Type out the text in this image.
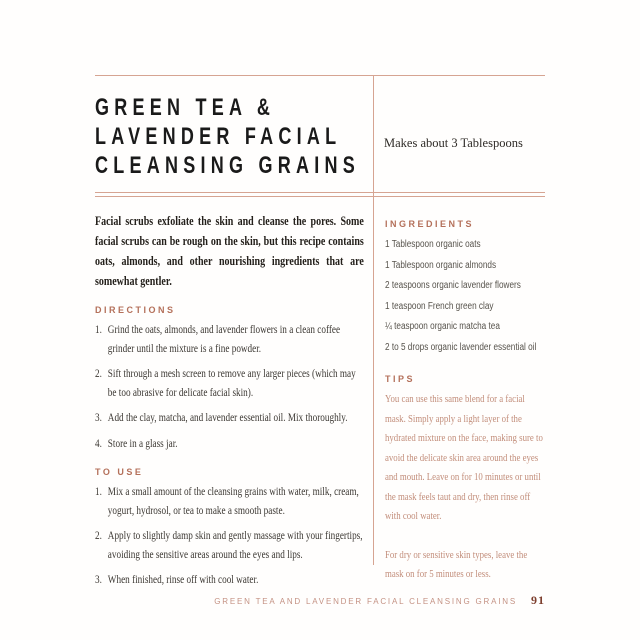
GREEN TEA &
LAVENDER FACIAL
CLEANSING GRAINS

Makes about 3 Tablespoons

Facial scrubs exfoliate the skin and cleanse the pores. Some facial scrubs can be rough on the skin, but this recipe contains oats, almonds, and other nourishing ingredients that are somewhat gentler.

DIRECTIONS
1. Grind the oats, almonds, and lavender flowers in a clean coffee grinder until the mixture is a fine powder.
2. Sift through a mesh screen to remove any larger pieces (which may be too abrasive for delicate facial skin).
3. Add the clay, matcha, and lavender essential oil. Mix thoroughly.
4. Store in a glass jar.
TO USE
1. Mix a small amount of the cleansing grains with water, milk, cream, yogurt, hydrosol, or tea to make a smooth paste.
2. Apply to slightly damp skin and gently massage with your fingertips, avoiding the sensitive areas around the eyes and lips.
3. When finished, rinse off with cool water.
INGREDIENTS
1 Tablespoon organic oats
1 Tablespoon organic almonds
2 teaspoons organic lavender flowers
1 teaspoon French green clay
¼ teaspoon organic matcha tea
2 to 5 drops organic lavender essential oil
TIPS

You can use this same blend for a facial mask. Simply apply a light layer of the hydrated mixture on the face, making sure to avoid the delicate skin area around the eyes and mouth. Leave on for 10 minutes or until the mask feels taut and dry, then rinse off with cool water.

For dry or sensitive skin types, leave the mask on for 5 minutes or less.

GREEN TEA AND LAVENDER FACIAL CLEANSING GRAINS 91
